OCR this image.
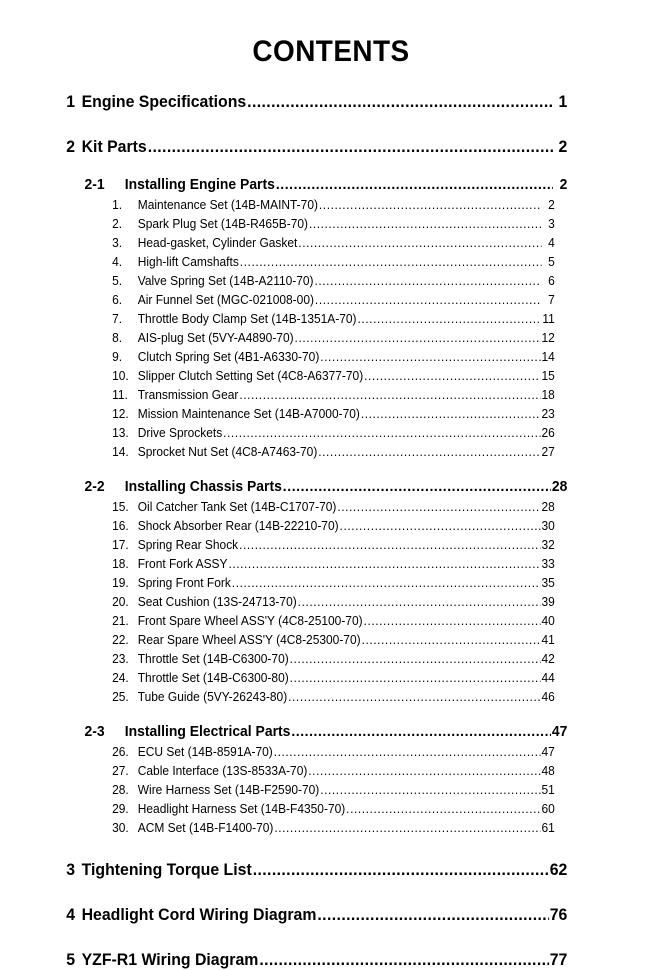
CONTENTS
1 Engine Specifications .....	1
2 Kit Parts .....	2
2-1	Installing Engine Parts .....	2
1.	Maintenance Set (14B-MAINT-70) .....	2
2.	Spark Plug Set (14B-R465B-70) .....	3
3.	Head-gasket, Cylinder Gasket .....	4
4.	High-lift Camshafts .....	5
5.	Valve Spring Set (14B-A2110-70) .....	6
6.	Air Funnel Set (MGC-021008-00) .....	7
7.	Throttle Body Clamp Set (14B-1351A-70) .....	11
8.	AIS-plug Set (5VY-A4890-70) .....	12
9.	Clutch Spring Set (4B1-A6330-70) .....	14
10. Slipper Clutch Setting Set (4C8-A6377-70) .....	15
11. Transmission Gear .....	18
12. Mission Maintenance Set (14B-A7000-70) .....	23
13. Drive Sprockets .....	26
14. Sprocket Nut Set (4C8-A7463-70) .....	27
2-2	Installing Chassis Parts .....	28
15. Oil Catcher Tank Set (14B-C1707-70) .....	28
16. Shock Absorber Rear (14B-22210-70) .....	30
17. Spring Rear Shock .....	32
18. Front Fork ASSY .....	33
19. Spring Front Fork .....	35
20. Seat Cushion (13S-24713-70) .....	39
21. Front Spare Wheel ASS'Y (4C8-25100-70) .....	40
22. Rear Spare Wheel ASS'Y (4C8-25300-70) .....	41
23. Throttle Set (14B-C6300-70) .....	42
24. Throttle Set (14B-C6300-80) .....	44
25. Tube Guide (5VY-26243-80) .....	46
2-3	Installing Electrical Parts .....	47
26. ECU Set (14B-8591A-70) .....	47
27. Cable Interface (13S-8533A-70) .....	48
28. Wire Harness Set (14B-F2590-70) .....	51
29. Headlight Harness Set (14B-F4350-70) .....	60
30. ACM Set (14B-F1400-70) .....	61
3 Tightening Torque List .....	62
4 Headlight Cord Wiring Diagram .....	76
5 YZF-R1 Wiring Diagram .....	77
